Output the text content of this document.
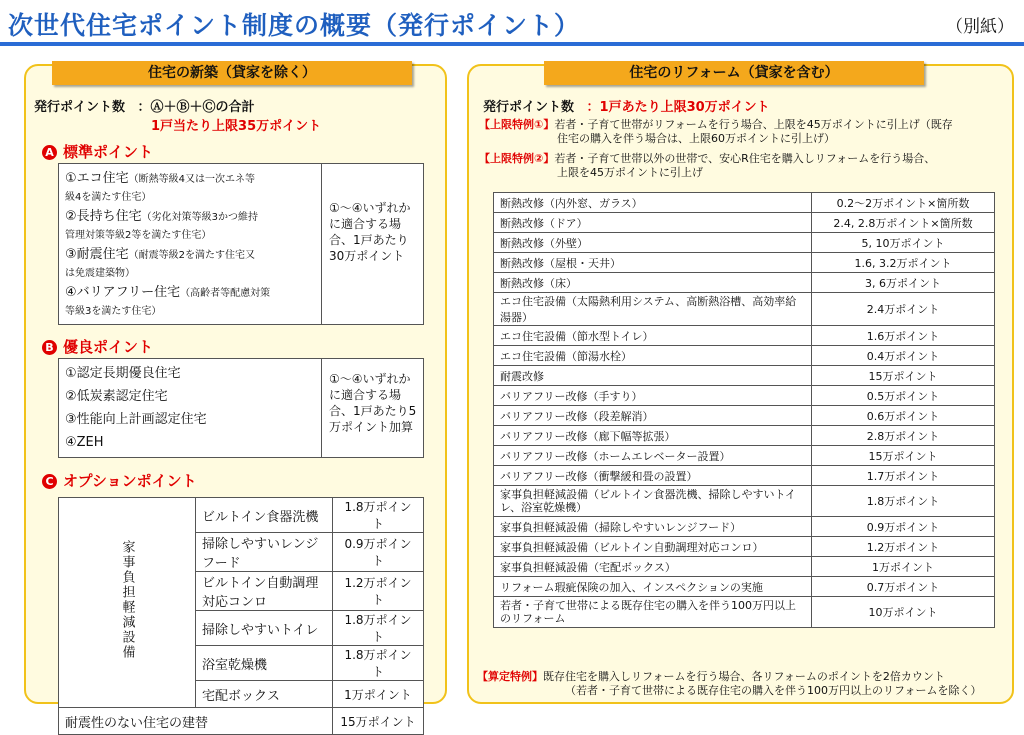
次世代住宅ポイント制度の概要（発行ポイント）	（別紙）
住宅の新築（貸家を除く）
発行ポイント数 ：Ⓐ＋Ⓑ＋Ⓒの合計
1戸当たり上限35万ポイント
A 標準ポイント
①エコ住宅（断熱等級4又は一次エネ等
級4を満たす住宅）
②長持ち住宅（劣化対策等級3かつ維持
管理対策等級2等を満たす住宅）
③耐震住宅（耐震等級2を満たす住宅又
は免震建築物）
④バリアフリー住宅（高齢者等配慮対策
等級3を満たす住宅）
①～④いずれかに適合する場合、1戸あたり30万ポイント
B 優良ポイント
①認定長期優良住宅
②低炭素認定住宅
③性能向上計画認定住宅
④ZEH
①～④いずれかに適合する場合、1戸あたり5万ポイント加算
C オプションポイント
家事負担軽減設備	ビルトイン食器洗機	1.8万ポイント
	掃除しやすいレンジフード	0.9万ポイント
	ビルトイン自動調理対応コンロ	1.2万ポイント
	掃除しやすいトイレ	1.8万ポイント
	浴室乾燥機	1.8万ポイント
	宅配ボックス	1万ポイント
耐震性のない住宅の建替		15万ポイント
住宅のリフォーム（貸家を含む）
発行ポイント数 ：1戸あたり上限30万ポイント
【上限特例①】若者・子育て世帯がリフォームを行う場合、上限を45万ポイントに引上げ（既存
住宅の購入を伴う場合は、上限60万ポイントに引上げ）
【上限特例②】若者・子育て世帯以外の世帯で、安心R住宅を購入しリフォームを行う場合、
上限を45万ポイントに引上げ
断熱改修（内外窓、ガラス）	0.2～2万ポイント×箇所数
断熱改修（ドア）	2.4, 2.8万ポイント×箇所数
断熱改修（外壁）	5, 10万ポイント
断熱改修（屋根・天井）	1.6, 3.2万ポイント
断熱改修（床）	3, 6万ポイント
エコ住宅設備（太陽熱利用システム、高断熱浴槽、高効率給湯器）	2.4万ポイント
エコ住宅設備（節水型トイレ）	1.6万ポイント
エコ住宅設備（節湯水栓）	0.4万ポイント
耐震改修	15万ポイント
バリアフリー改修（手すり）	0.5万ポイント
バリアフリー改修（段差解消）	0.6万ポイント
バリアフリー改修（廊下幅等拡張）	2.8万ポイント
バリアフリー改修（ホームエレベーター設置）	15万ポイント
バリアフリー改修（衝撃緩和畳の設置）	1.7万ポイント
家事負担軽減設備（ビルトイン食器洗機、掃除しやすいトイレ、浴室乾燥機）	1.8万ポイント
家事負担軽減設備（掃除しやすいレンジフード）	0.9万ポイント
家事負担軽減設備（ビルトイン自動調理対応コンロ）	1.2万ポイント
家事負担軽減設備（宅配ボックス）	1万ポイント
リフォーム瑕疵保険の加入、インスペクションの実施	0.7万ポイント
若者・子育て世帯による既存住宅の購入を伴う100万円以上のリフォーム	10万ポイント
【算定特例】既存住宅を購入しリフォームを行う場合、各リフォームのポイントを2倍カウント
（若者・子育て世帯による既存住宅の購入を伴う100万円以上のリフォームを除く）
